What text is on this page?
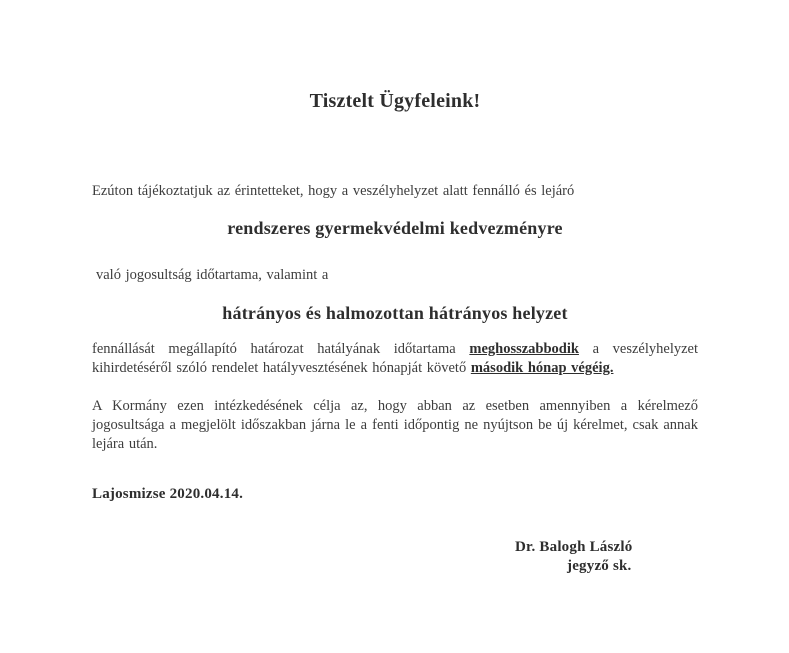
Tisztelt Ügyfeleink!

Ezúton tájékoztatjuk az érintetteket, hogy a veszélyhelyzet alatt fennálló és lejáró

rendszeres gyermekvédelmi kedvezményre

való jogosultság időtartama, valamint a

hátrányos és halmozottan hátrányos helyzet

fennállását megállapító határozat hatályának időtartama meghosszabbodik a veszélyhelyzet kihirdetéséről szóló rendelet hatályvesztésének hónapját követő második hónap végéig.

A Kormány ezen intézkedésének célja az, hogy abban az esetben amennyiben a kérelmező jogosultsága a megjelölt időszakban járna le a fenti időpontig ne nyújtson be új kérelmet, csak annak lejára után.

Lajosmizse 2020.04.14.
Dr. Balogh László
jegyző sk.
